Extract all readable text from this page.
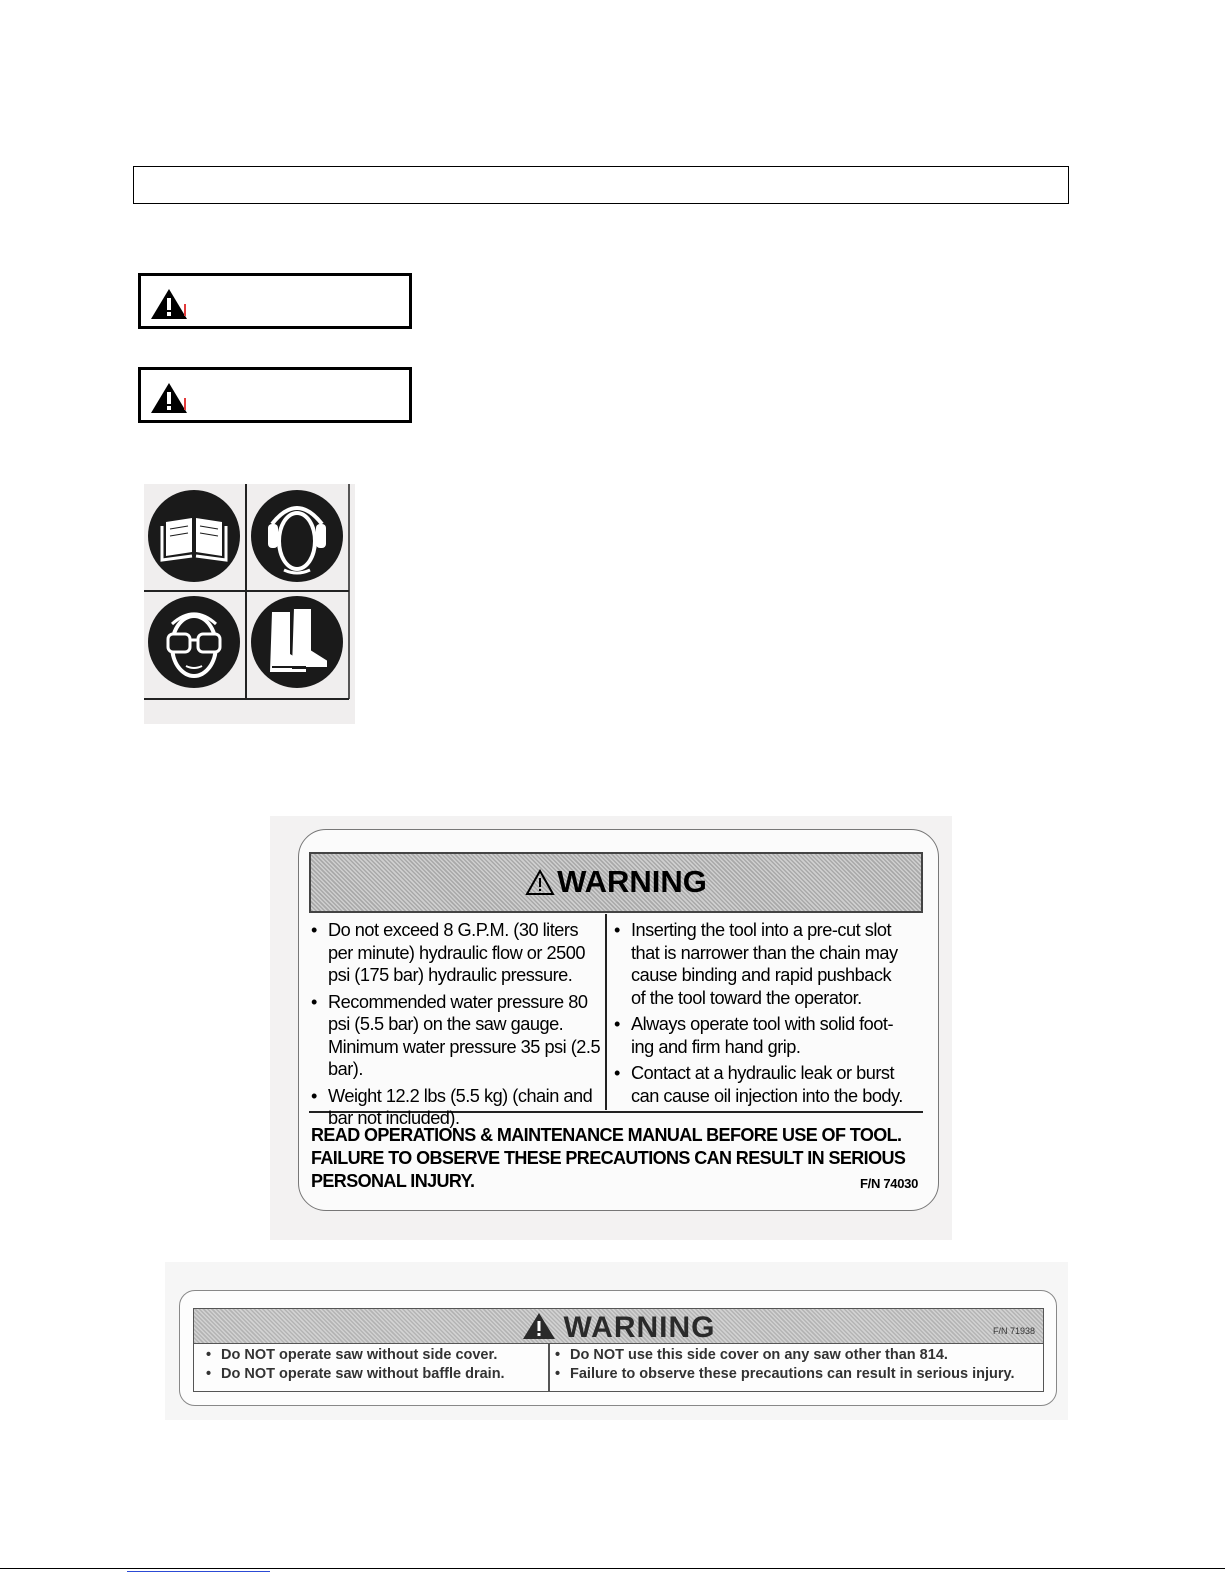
WARNING
• Do not exceed 8 G.P.M. (30 liters per minute) hydraulic flow or 2500 psi (175 bar) hydraulic pressure.
• Recommended water pressure 80 psi (5.5 bar) on the saw gauge. Minimum water pressure 35 psi (2.5 bar).
• Weight 12.2 lbs (5.5 kg) (chain and bar not included).
• Inserting the tool into a pre-cut slot that is narrower than the chain may cause binding and rapid pushback of the tool toward the operator.
• Always operate tool with solid foot-ing and firm hand grip.
• Contact at a hydraulic leak or burst can cause oil injection into the body.
READ OPERATIONS & MAINTENANCE MANUAL BEFORE USE OF TOOL. FAILURE TO OBSERVE THESE PRECAUTIONS CAN RESULT IN SERIOUS PERSONAL INJURY.	F/N 74030
WARNING	F/N 71938
• Do NOT operate saw without side cover.
• Do NOT operate saw without baffle drain.
• Do NOT use this side cover on any saw other than 814.
• Failure to observe these precautions can result in serious injury.
